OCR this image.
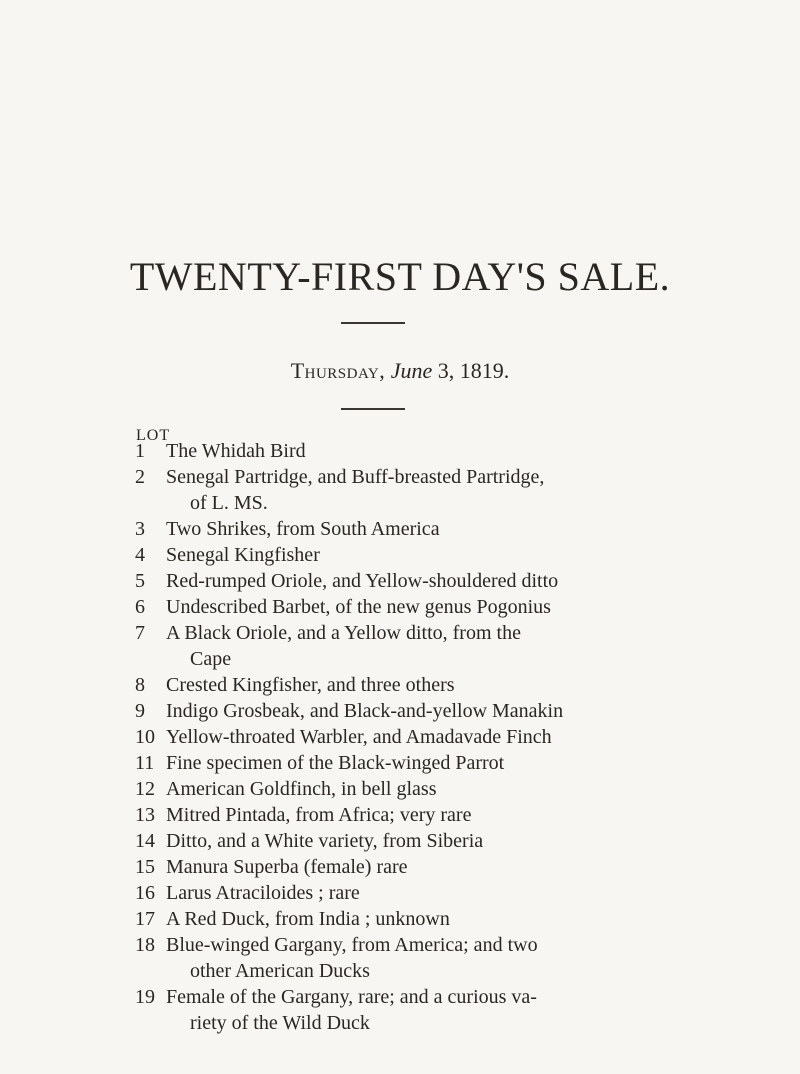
TWENTY-FIRST DAY'S SALE.
Thursday, June 3, 1819.
LOT
1	The Whidah Bird
2	Senegal Partridge, and Buff-breasted Partridge,
of L. MS.
3	Two Shrikes, from South America
4	Senegal Kingfisher
5	Red-rumped Oriole, and Yellow-shouldered ditto
6	Undescribed Barbet, of the new genus Pogonius
7	A Black Oriole, and a Yellow ditto, from the
Cape
8	Crested Kingfisher, and three others
9	Indigo Grosbeak, and Black-and-yellow Manakin
10 Yellow-throated Warbler, and Amadavade Finch
11 Fine specimen of the Black-winged Parrot
12 American Goldfinch, in bell glass
13 Mitred Pintada, from Africa; very rare
14 Ditto, and a White variety, from Siberia
15 Manura Superba (female) rare
16 Larus Atraciloides ; rare
17 A Red Duck, from India ; unknown
18 Blue-winged Gargany, from America; and two
other American Ducks
19 Female of the Gargany, rare; and a curious va-
riety of the Wild Duck
